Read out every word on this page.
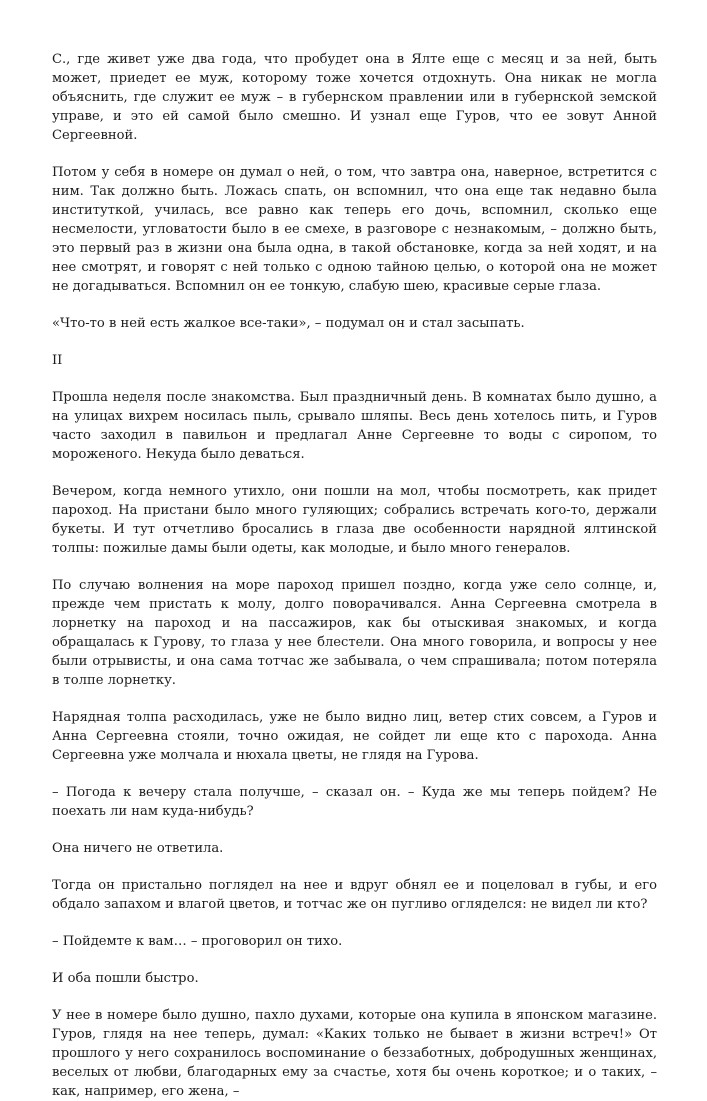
С., где живет уже два года, что пробудет она в Ялте еще с месяц и за ней, быть может, приедет ее муж, которому тоже хочется отдохнуть. Она никак не могла объяснить, где служит ее муж – в губернском правлении или в губернской земской управе, и это ей самой было смешно. И узнал еще Гуров, что ее зовут Анной Сергеевной.

Потом у себя в номере он думал о ней, о том, что завтра она, наверное, встретится с ним. Так должно быть. Ложась спать, он вспомнил, что она еще так недавно была институткой, училась, все равно как теперь его дочь, вспомнил, сколько еще несмелости, угловатости было в ее смехе, в разговоре с незнакомым, – должно быть, это первый раз в жизни она была одна, в такой обстановке, когда за ней ходят, и на нее смотрят, и говорят с ней только с одною тайною целью, о которой она не может не догадываться. Вспомнил он ее тонкую, слабую шею, красивые серые глаза.

«Что-то в ней есть жалкое все-таки», – подумал он и стал засыпать.

II

Прошла неделя после знакомства. Был праздничный день. В комнатах было душно, а на улицах вихрем носилась пыль, срывало шляпы. Весь день хотелось пить, и Гуров часто заходил в павильон и предлагал Анне Сергеевне то воды с сиропом, то мороженого. Некуда было деваться.

Вечером, когда немного утихло, они пошли на мол, чтобы посмотреть, как придет пароход. На пристани было много гуляющих; собрались встречать кого-то, держали букеты. И тут отчетливо бросались в глаза две особенности нарядной ялтинской толпы: пожилые дамы были одеты, как молодые, и было много генералов.

По случаю волнения на море пароход пришел поздно, когда уже село солнце, и, прежде чем пристать к молу, долго поворачивался. Анна Сергеевна смотрела в лорнетку на пароход и на пассажиров, как бы отыскивая знакомых, и когда обращалась к Гурову, то глаза у нее блестели. Она много говорила, и вопросы у нее были отрывисты, и она сама тотчас же забывала, о чем спрашивала; потом потеряла в толпе лорнетку.

Нарядная толпа расходилась, уже не было видно лиц, ветер стих совсем, а Гуров и Анна Сергеевна стояли, точно ожидая, не сойдет ли еще кто с парохода. Анна Сергеевна уже молчала и нюхала цветы, не глядя на Гурова.

– Погода к вечеру стала получше, – сказал он. – Куда же мы теперь пойдем? Не поехать ли нам куда-нибудь?

Она ничего не ответила.

Тогда он пристально поглядел на нее и вдруг обнял ее и поцеловал в губы, и его обдало запахом и влагой цветов, и тотчас же он пугливо огляделся: не видел ли кто?

– Пойдемте к вам… – проговорил он тихо.

И оба пошли быстро.

У нее в номере было душно, пахло духами, которые она купила в японском магазине. Гуров, глядя на нее теперь, думал: «Каких только не бывает в жизни встреч!» От прошлого у него сохранилось воспоминание о беззаботных, добродушных женщинах, веселых от любви, благодарных ему за счастье, хотя бы очень короткое; и о таких, – как, например, его жена, –
